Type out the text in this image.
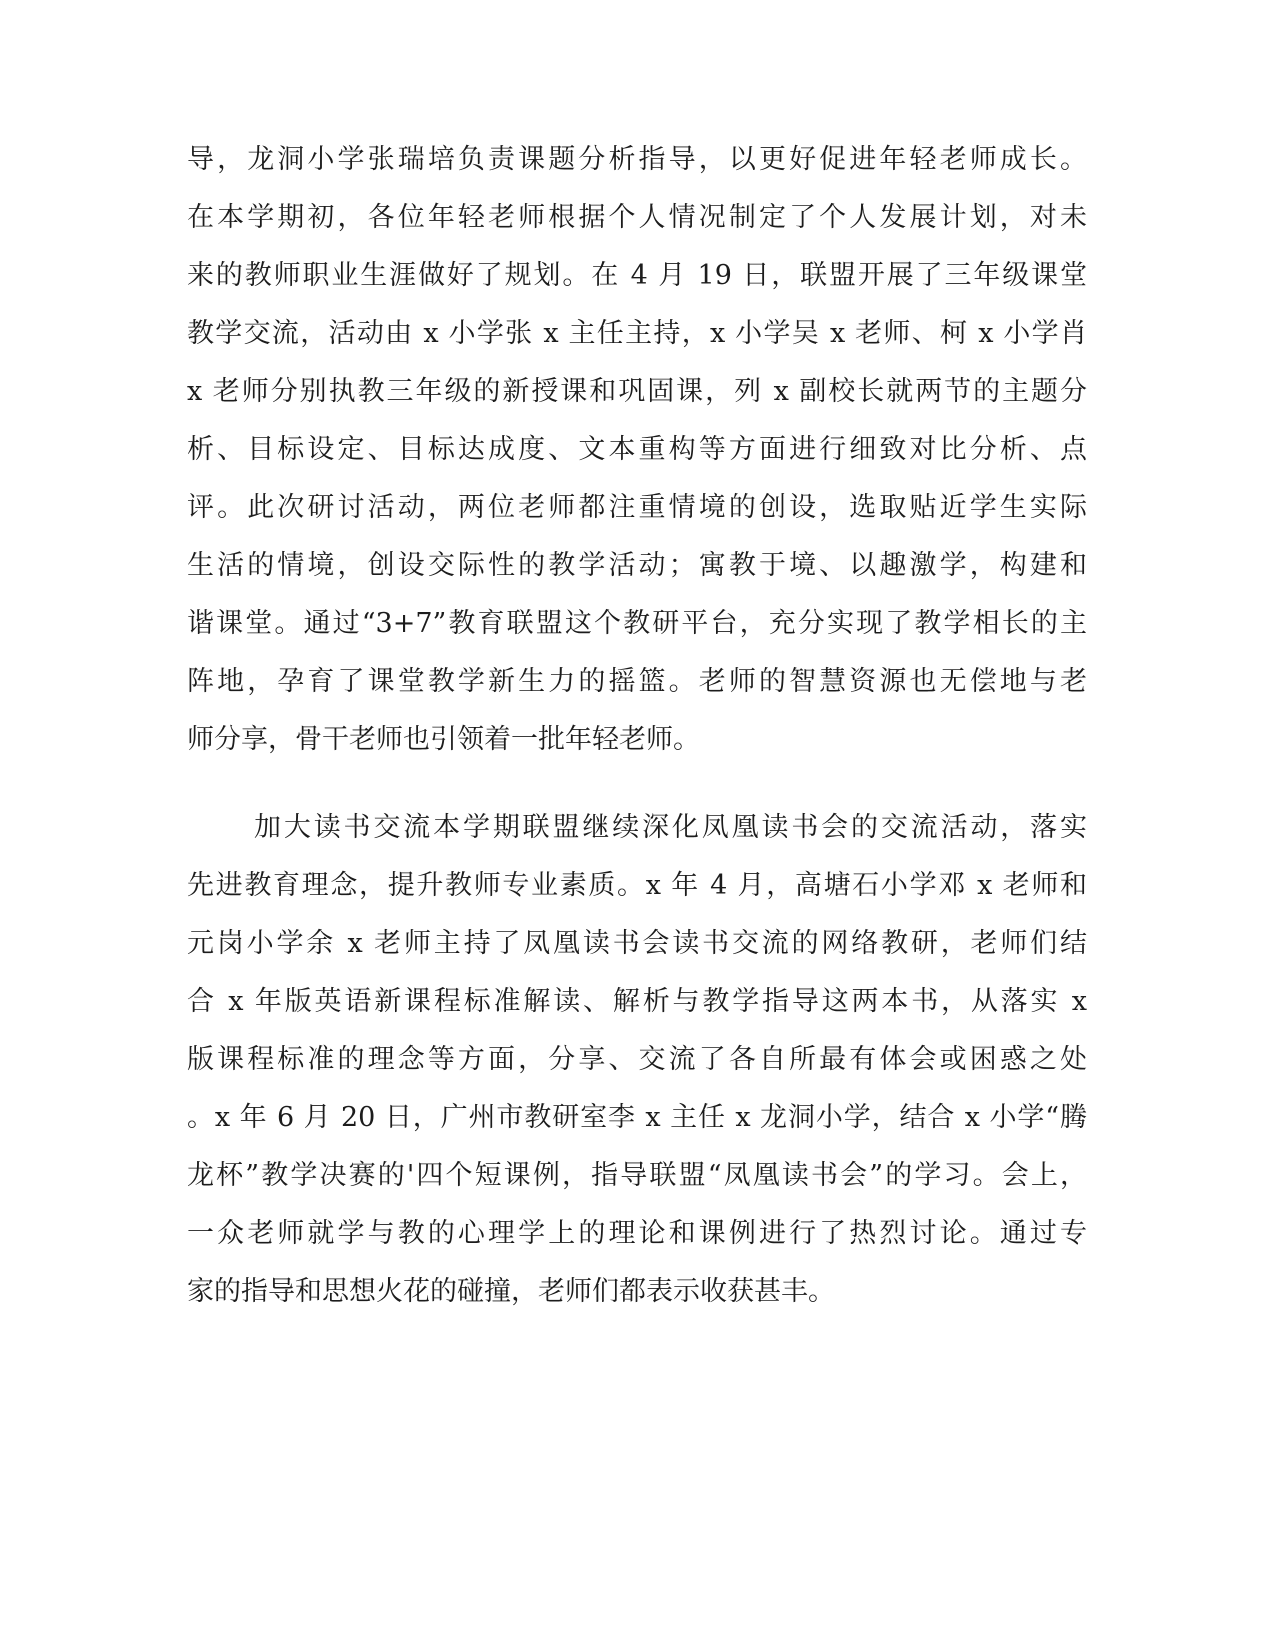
导，龙洞小学张瑞培负责课题分析指导，以更好促进年轻老师成长。

在本学期初，各位年轻老师根据个人情况制定了个人发展计划，对未

来的教师职业生涯做好了规划。在 4 月 19 日，联盟开展了三年级课堂

教学交流，活动由 x 小学张 x 主任主持，x 小学吴 x 老师、柯 x 小学肖

x 老师分别执教三年级的新授课和巩固课，列 x 副校长就两节的主题分

析、目标设定、目标达成度、文本重构等方面进行细致对比分析、点

评。此次研讨活动，两位老师都注重情境的创设，选取贴近学生实际

生活的情境，创设交际性的教学活动；寓教于境、以趣激学，构建和

谐课堂。通过“3+7”教育联盟这个教研平台，充分实现了教学相长的主

阵地，孕育了课堂教学新生力的摇篮。老师的智慧资源也无偿地与老

师分享，骨干老师也引领着一批年轻老师。

加大读书交流本学期联盟继续深化凤凰读书会的交流活动，落实

先进教育理念，提升教师专业素质。x 年 4 月，高塘石小学邓 x 老师和

元岗小学余 x 老师主持了凤凰读书会读书交流的网络教研，老师们结

合 x 年版英语新课程标准解读、解析与教学指导这两本书，从落实 x

版课程标准的理念等方面，分享、交流了各自所最有体会或困惑之处

。x 年 6 月 20 日，广州市教研室李 x 主任 x 龙洞小学，结合 x 小学“腾

龙杯”教学决赛的'四个短课例，指导联盟“凤凰读书会”的学习。会上，

一众老师就学与教的心理学上的理论和课例进行了热烈讨论。通过专

家的指导和思想火花的碰撞，老师们都表示收获甚丰。
